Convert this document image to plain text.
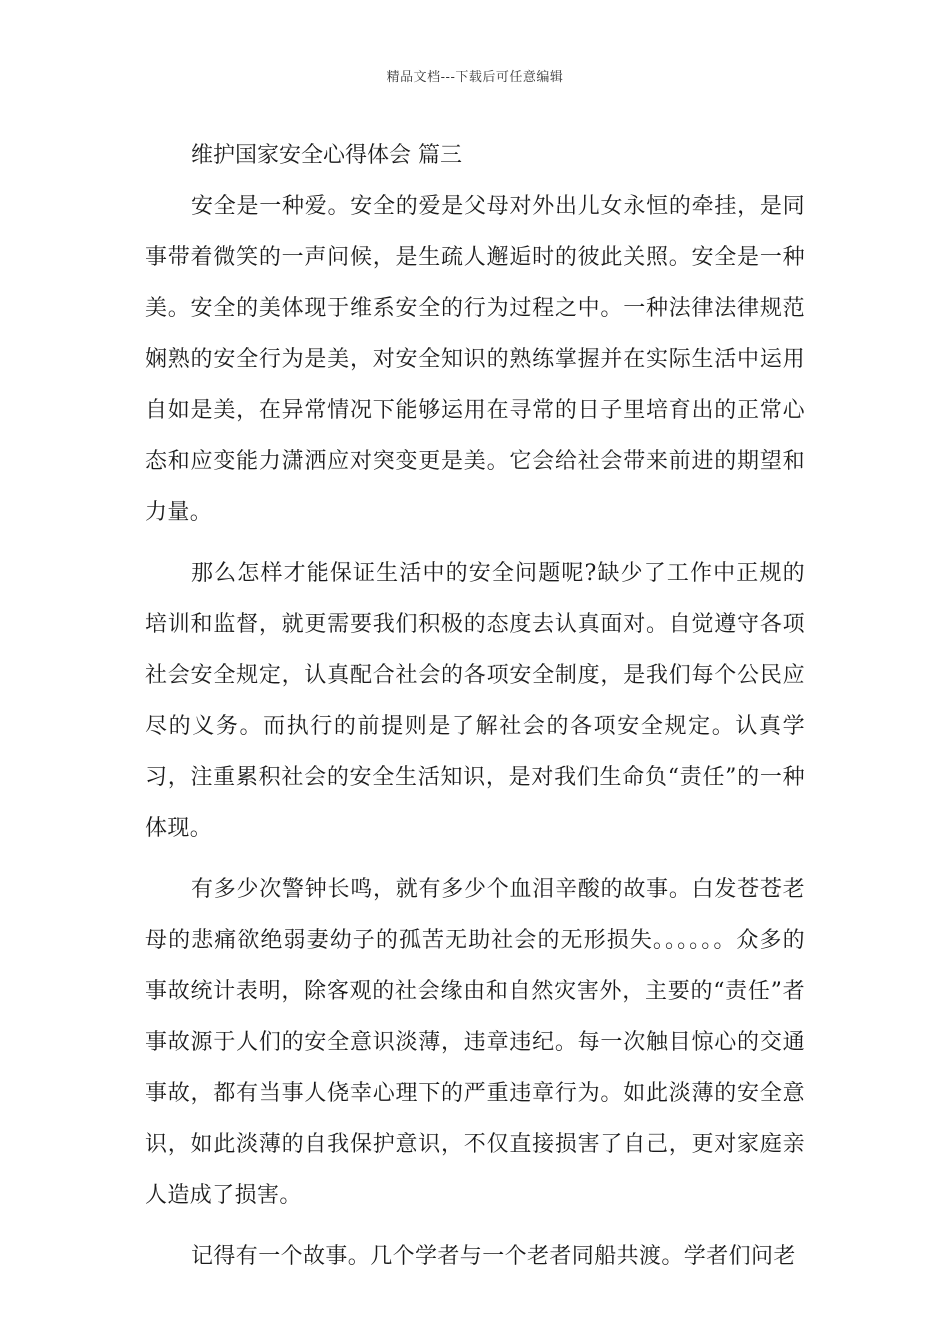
精品文档---下载后可任意编辑
维护国家安全心得体会 篇三

安全是一种爱。安全的爱是父母对外出儿女永恒的牵挂，是同事带着微笑的一声问候，是生疏人邂逅时的彼此关照。安全是一种美。安全的美体现于维系安全的行为过程之中。一种法律法律规范娴熟的安全行为是美，对安全知识的熟练掌握并在实际生活中运用自如是美，在异常情况下能够运用在寻常的日子里培育出的正常心态和应变能力潇洒应对突变更是美。它会给社会带来前进的期望和力量。

那么怎样才能保证生活中的安全问题呢?缺少了工作中正规的培训和监督，就更需要我们积极的态度去认真面对。自觉遵守各项社会安全规定，认真配合社会的各项安全制度，是我们每个公民应尽的义务。而执行的前提则是了解社会的各项安全规定。认真学习，注重累积社会的安全生活知识，是对我们生命负“责任”的一种体现。

有多少次警钟长鸣，就有多少个血泪辛酸的故事。白发苍苍老母的悲痛欲绝弱妻幼子的孤苦无助社会的无形损失。。。。。。众多的事故统计表明，除客观的社会缘由和自然灾害外，主要的“责任”者事故源于人们的安全意识淡薄，违章违纪。每一次触目惊心的交通事故，都有当事人侥幸心理下的严重违章行为。如此淡薄的安全意识，如此淡薄的自我保护意识，不仅直接损害了自己，更对家庭亲人造成了损害。

记得有一个故事。几个学者与一个老者同船共渡。学者们问老
